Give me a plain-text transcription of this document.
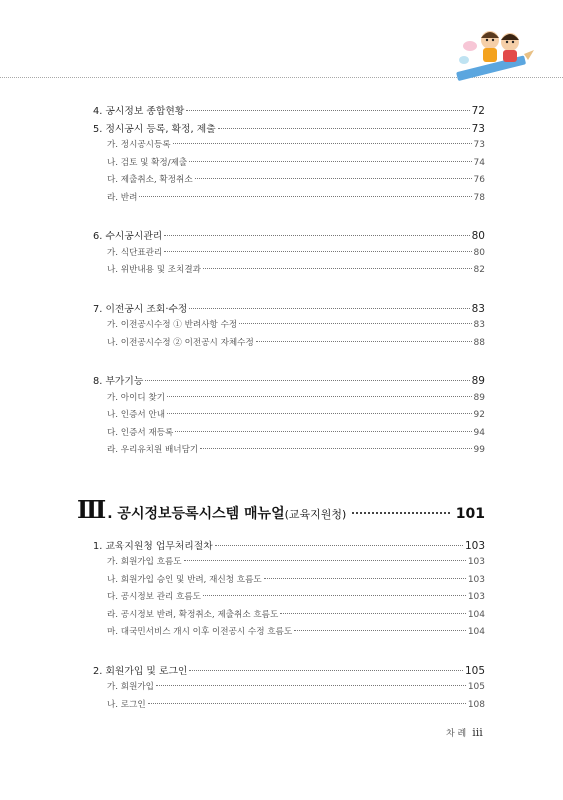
4. 공시정보 종합현황	72
5. 정시공시 등록, 확정, 제출	73
가. 정시공시등록	73
나. 검토 및 확정/제출	74
다. 제출취소, 확정취소	76
라. 반려	78
6. 수시공시관리	80
가. 식단표관리	80
나. 위반내용 및 조치결과	82
7. 이전공시 조회·수정	83
가. 이전공시수정 ① 반려사항 수정	83
나. 이전공시수정 ② 이전공시 자체수정	88
8. 부가기능	89
가. 아이디 찾기	89
나. 인증서 안내	92
다. 인증서 재등록	94
라. 우리유치원 배너담기	99
Ⅲ . 공시정보등록시스템 매뉴얼(교육지원청)	101
1. 교육지원청 업무처리절차	103
가. 회원가입 흐름도	103
나. 회원가입 승인 및 반려, 재신청 흐름도	103
다. 공시정보 관리 흐름도	103
라. 공시정보 반려, 확정취소, 제출취소 흐름도	104
마. 대국민서비스 개시 이후 이전공시 수정 흐름도	104
2. 회원가입 및 로그인	105
가. 회원가입	105
나. 로그인	108
차 례 iii
